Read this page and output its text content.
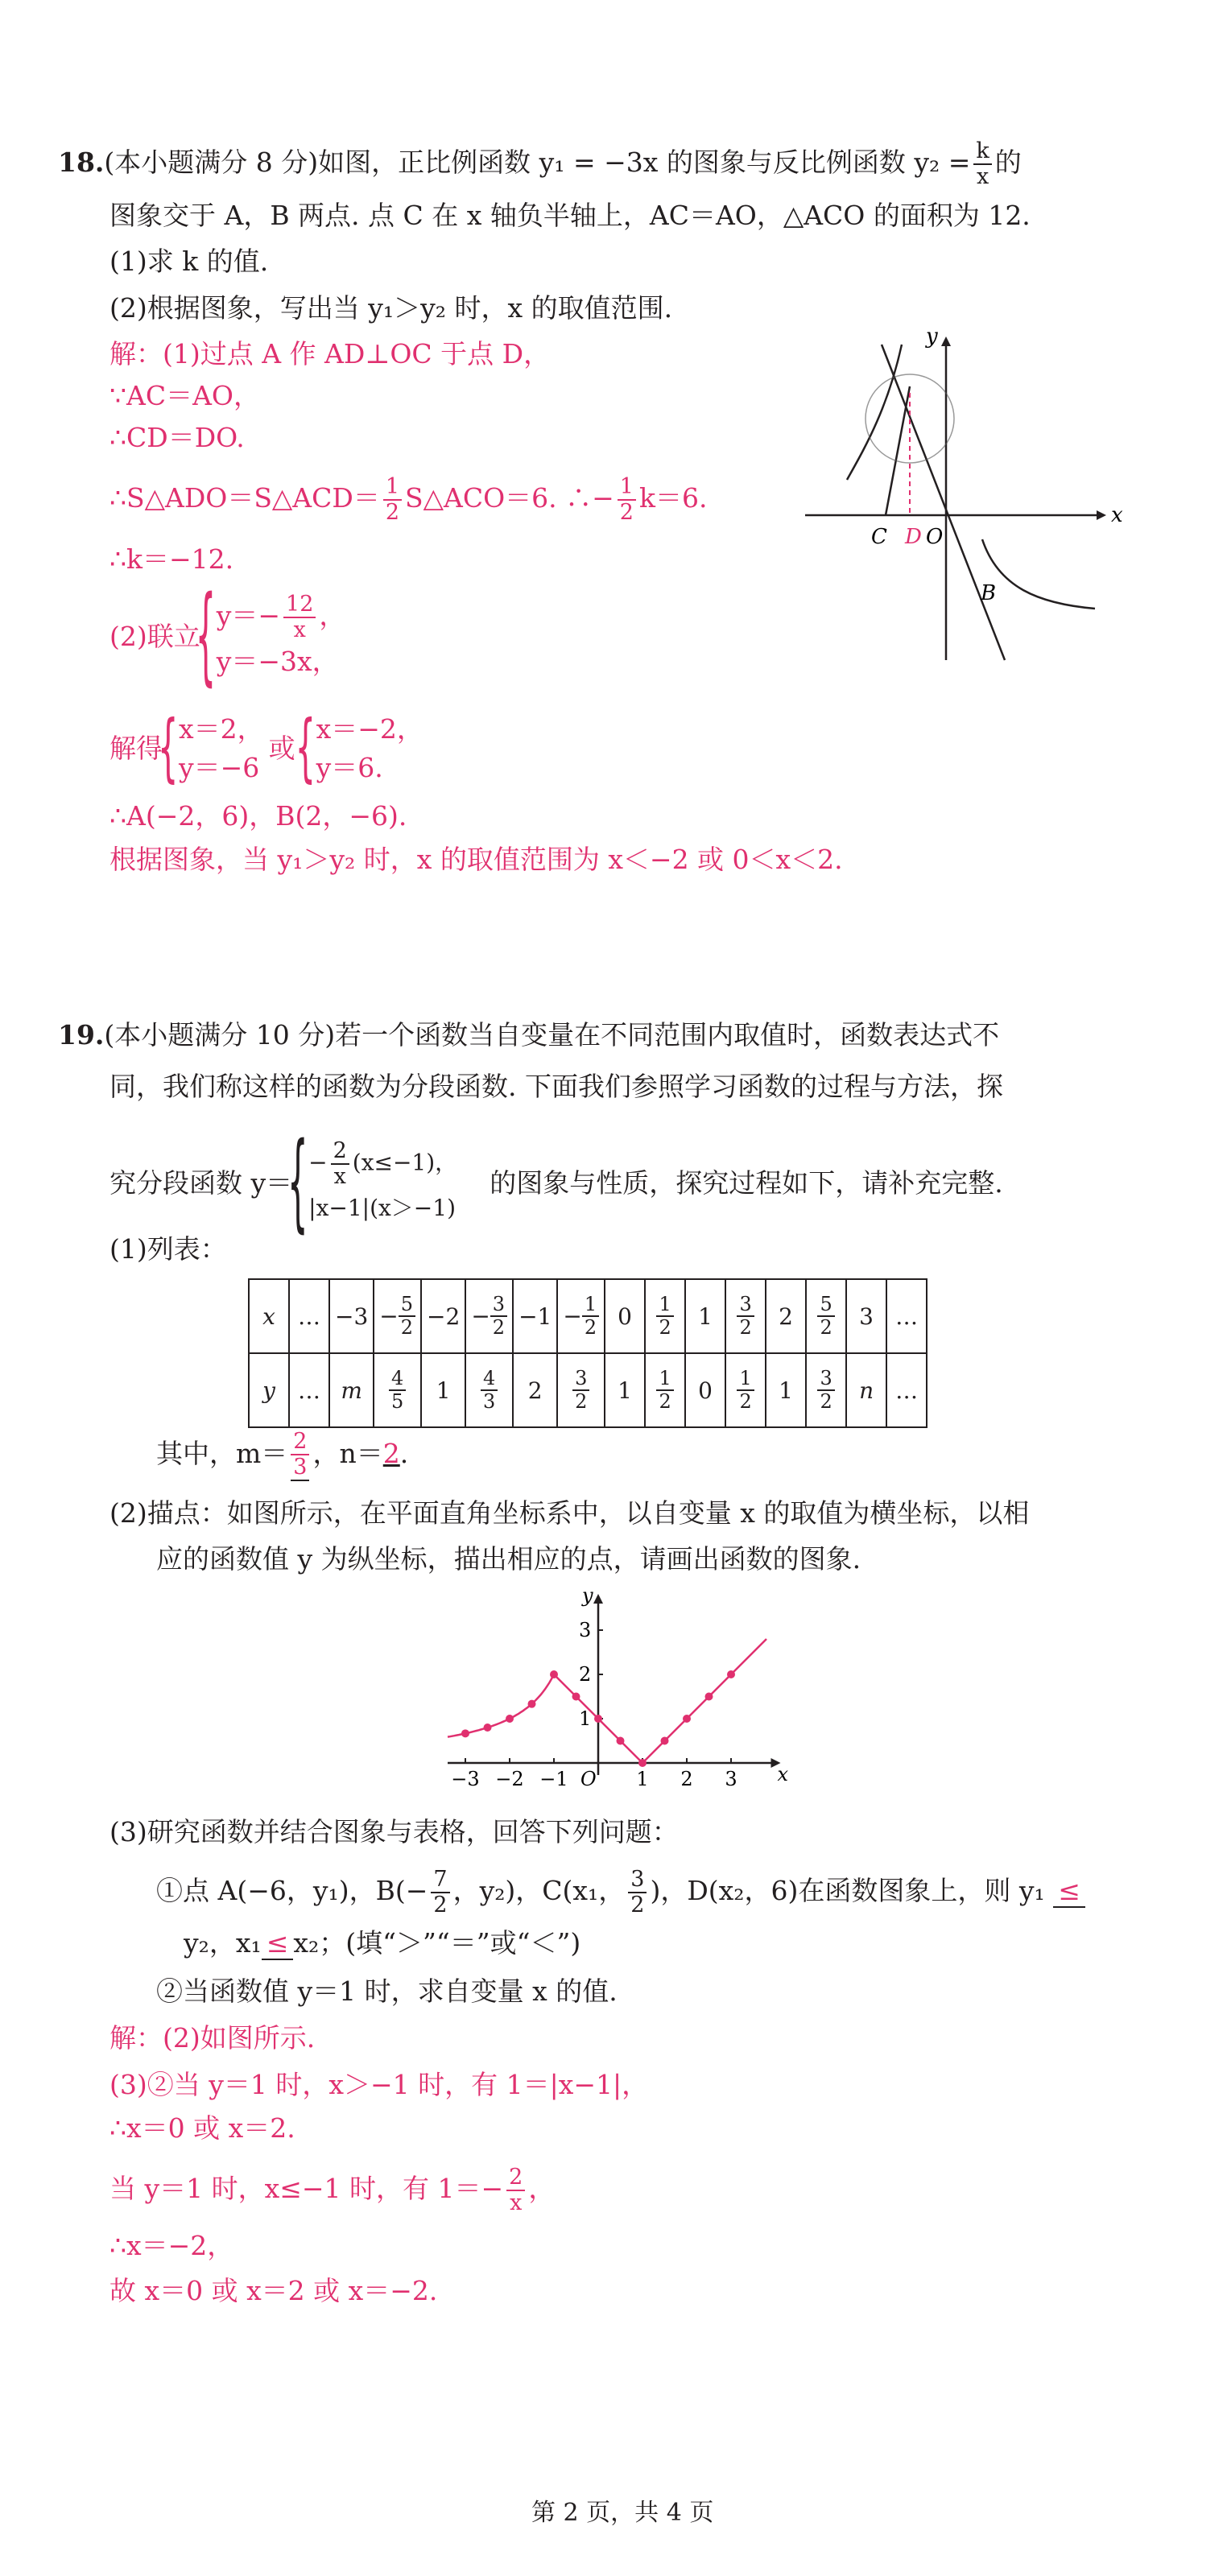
18.(本小题满分 8 分)如图，正比例函数 y₁ = −3x 的图象与反比例函数 $y_2 = \frac{k}{x}$ 的
图象交于 A，B 两点. 点 C 在 x 轴负半轴上，AC＝AO，△ACO 的面积为 12.
(1)求 k 的值.
(2)根据图象，写出当 y₁＞y₂ 时，x 的取值范围.
解：(1)过点 A 作 AD⊥OC 于点 D，
∵AC＝AO，
∴CD＝DO.
∴S△ADO＝S△ACD＝ $\frac{1}{2}$ S△ACO＝6. ∴− $\frac{1}{2} k=6$.
∴k＝−12.
(2)联立
{ $y=- \frac{12}{x}$ ，
y＝−3x，
解得
{ x＝2，
y＝−6
或
{ x＝−2，
y＝6.
∴A(−2，6)，B(2，−6).
根据图象，当 y₁＞y₂ 时，x 的取值范围为 x＜−2 或 0＜x＜2.
x
y
C D O
B
19.(本小题满分 10 分)若一个函数当自变量在不同范围内取值时，函数表达式不
同，我们称这样的函数为分段函数. 下面我们参照学习函数的过程与方法，探
究分段函数 y＝
{ − $\frac{2}{x} (x\le-1)$，
|x−1|(x＞−1)
的图象与性质，探究过程如下，请补充完整.
(1)列表：
x	…	−3	− $\frac{5}{2}$	−2	− $\frac{3}{2}$	−1	− $\frac{1}{2}$	0	$\frac{1}{2}$	1	$\frac{3}{2}$	2	$\frac{5}{2}$	3	…
y	…	m	$\frac{4}{5}$	1	$\frac{4}{3}$	2	$\frac{3}{2}$	1	$\frac{1}{2}$	0	$\frac{1}{2}$	1	$\frac{3}{2}$	n	…
其中，$m= \frac{2}{3}$ ，n＝2.
(2)描点：如图所示，在平面直角坐标系中，以自变量 x 的取值为横坐标，以相
应的函数值 y 为纵坐标，描出相应的点，请画出函数的图象.
x
y
O
−3 −2 −1	1 2 3
1
2
3
(3)研究函数并结合图象与表格，回答下列问题：
①点 A(−6，y₁)，$B(- \frac{7}{2}$ ，y₂)，C(x₁， $\frac{3}{2}$ )，D(x₂，6)在函数图象上，则 y₁ ≤
y₂，x₁ ≤ x₂；(填“＞”“＝”或“＜”)
②当函数值 y＝1 时，求自变量 x 的值.
解：(2)如图所示.
(3)②当 y＝1 时，x＞−1 时，有 1＝|x−1|，
∴x＝0 或 x＝2.
当 y＝1 时，x≤−1 时，有 $1=- \frac{2}{x}$ ，
∴x＝−2，
故 x＝0 或 x＝2 或 x＝−2.
第 2 页，共 4 页
